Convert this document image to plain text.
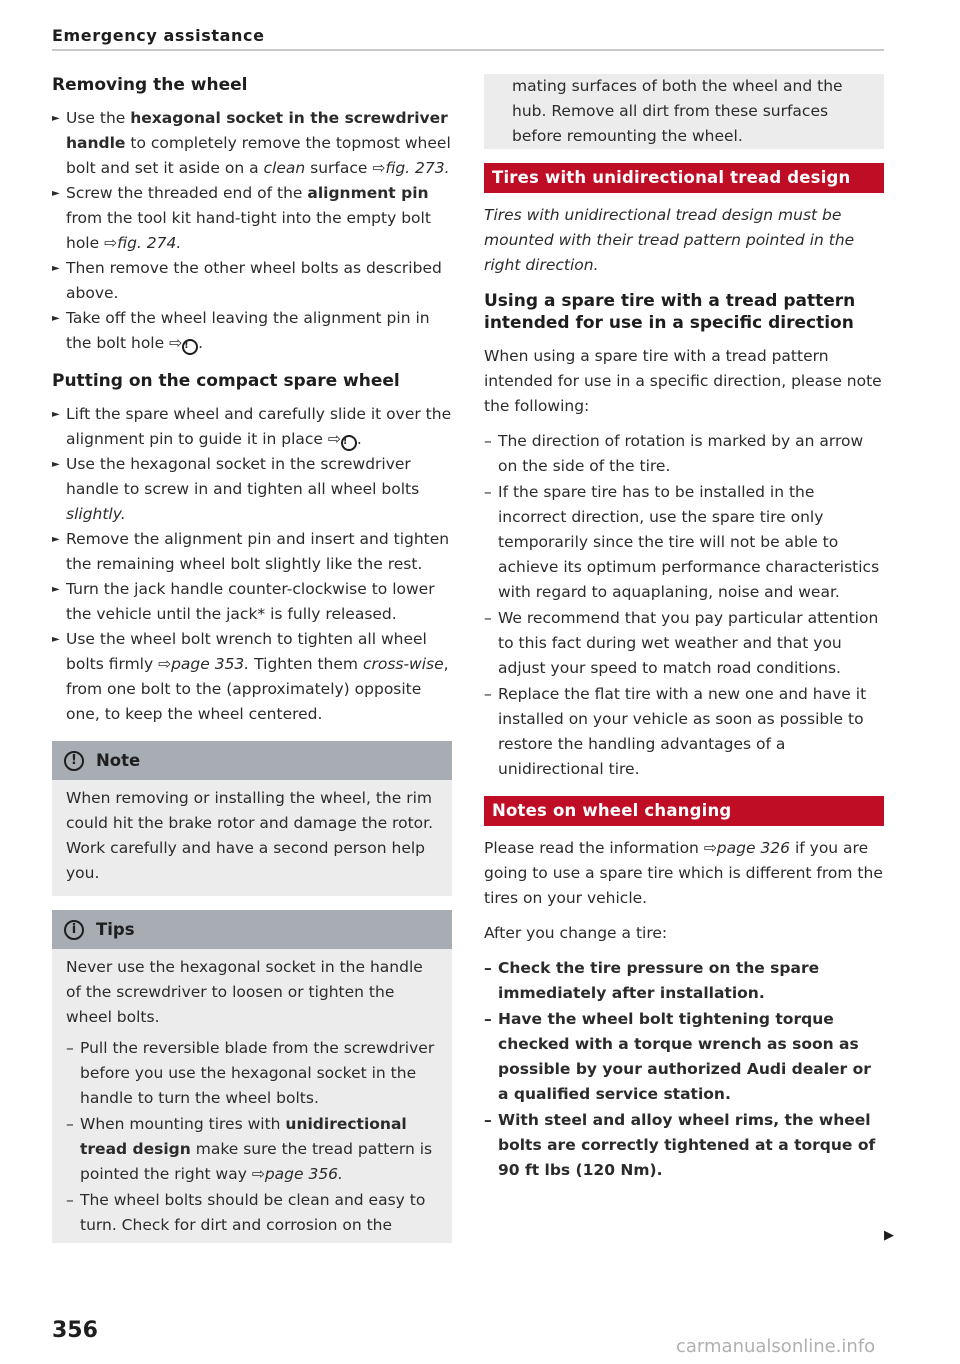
Emergency assistance
Removing the wheel
► Use the hexagonal socket in the screwdriver handle to completely remove the topmost wheel bolt and set it aside on a clean surface ⇨fig. 273.
► Screw the threaded end of the alignment pin from the tool kit hand-tight into the empty bolt hole ⇨fig. 274.
► Then remove the other wheel bolts as described above.
► Take off the wheel leaving the alignment pin in the bolt hole ⇨ ! .
Putting on the compact spare wheel
► Lift the spare wheel and carefully slide it over the alignment pin to guide it in place ⇨ ! .
► Use the hexagonal socket in the screwdriver handle to screw in and tighten all wheel bolts slightly.
► Remove the alignment pin and insert and tighten the remaining wheel bolt slightly like the rest.
► Turn the jack handle counter-clockwise to lower the vehicle until the jack* is fully released.
► Use the wheel bolt wrench to tighten all wheel bolts firmly ⇨page 353. Tighten them cross-wise, from one bolt to the (approximately) opposite one, to keep the wheel centered.
!	Note

When removing or installing the wheel, the rim could hit the brake rotor and damage the rotor. Work carefully and have a second person help you.

i	Tips

Never use the hexagonal socket in the handle of the screwdriver to loosen or tighten the wheel bolts.

– Pull the reversible blade from the screwdriver before you use the hexagonal socket in the handle to turn the wheel bolts.
– When mounting tires with unidirectional tread design make sure the tread pattern is pointed the right way ⇨page 356.
– The wheel bolts should be clean and easy to turn. Check for dirt and corrosion on the
mating surfaces of both the wheel and the hub. Remove all dirt from these surfaces before remounting the wheel.
Tires with unidirectional tread design

Tires with unidirectional tread design must be mounted with their tread pattern pointed in the right direction.

Using a spare tire with a tread pattern intended for use in a specific direction

When using a spare tire with a tread pattern intended for use in a specific direction, please note the following:

– The direction of rotation is marked by an arrow on the side of the tire.
– If the spare tire has to be installed in the incorrect direction, use the spare tire only temporarily since the tire will not be able to achieve its optimum performance characteristics with regard to aquaplaning, noise and wear.
– We recommend that you pay particular attention to this fact during wet weather and that you adjust your speed to match road conditions.
– Replace the flat tire with a new one and have it installed on your vehicle as soon as possible to restore the handling advantages of a unidirectional tire.
Notes on wheel changing

Please read the information ⇨page 326 if you are going to use a spare tire which is different from the tires on your vehicle.

After you change a tire:

– Check the tire pressure on the spare immediately after installation.
– Have the wheel bolt tightening torque checked with a torque wrench as soon as possible by your authorized Audi dealer or a qualified service station.
– With steel and alloy wheel rims, the wheel bolts are correctly tightened at a torque of 90 ft lbs (120 Nm).
▶
356
carmanualsonline.info
